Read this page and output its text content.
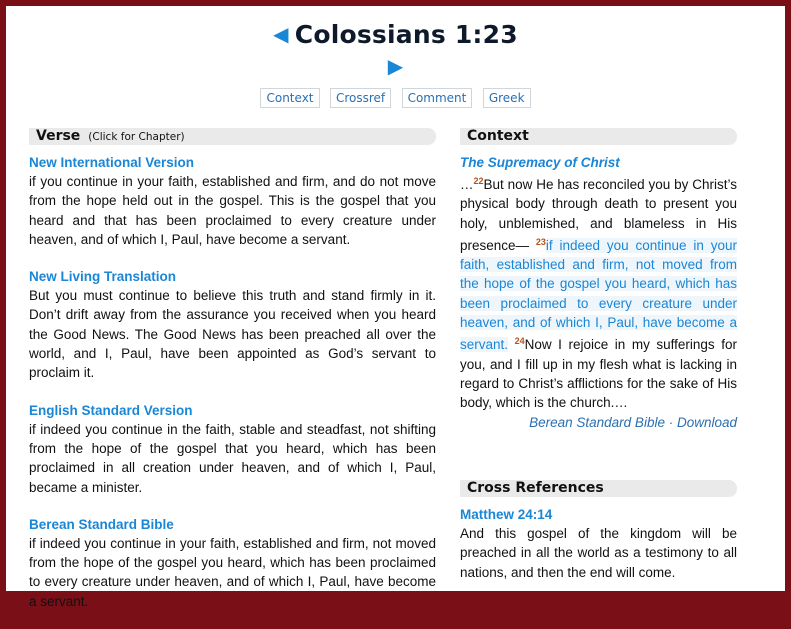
◀ Colossians 1:23
▶
Context Crossref Comment Greek
Verse (Click for Chapter)
New International Version
if you continue in your faith, established and firm, and do not move from the hope held out in the gospel. This is the gospel that you heard and that has been proclaimed to every creature under heaven, and of which I, Paul, have become a servant.
New Living Translation
But you must continue to believe this truth and stand firmly in it. Don’t drift away from the assurance you received when you heard the Good News. The Good News has been preached all over the world, and I, Paul, have been appointed as God’s servant to proclaim it.
English Standard Version
if indeed you continue in the faith, stable and steadfast, not shifting from the hope of the gospel that you heard, which has been proclaimed in all creation under heaven, and of which I, Paul, became a minister.
Berean Standard Bible
if indeed you continue in your faith, established and firm, not moved from the hope of the gospel you heard, which has been proclaimed to every creature under heaven, and of which I, Paul, have become a servant.
Context
The Supremacy of Christ
…$^{22}$But now He has reconciled you by Christ’s physical body through death to present you holy, unblemished, and blameless in His presence— $^{23}$if indeed you continue in your faith, established and firm, not moved from the hope of the gospel you heard, which has been proclaimed to every creature under heaven, and of which I, Paul, have become a servant. $^{24}$Now I rejoice in my sufferings for you, and I fill up in my flesh what is lacking in regard to Christ’s afflictions for the sake of His body, which is the church.…
Berean Standard Bible · Download
Cross References
Matthew 24:14
And this gospel of the kingdom will be preached in all the world as a testimony to all nations, and then the end will come.
